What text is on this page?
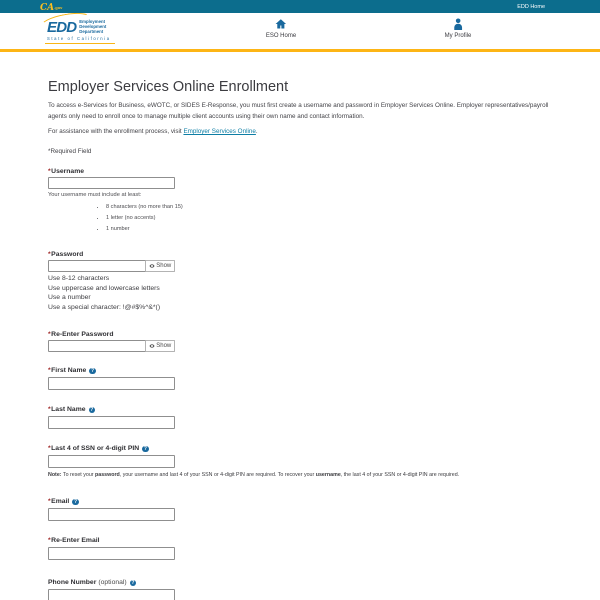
CA.gov	EDD Home
EDD Employment
Development
Department
State of California	ESO Home	My Profile
Employer Services Online Enrollment

To access e-Services for Business, eWOTC, or SIDES E-Response, you must first create a username and password in Employer Services Online. Employer representatives/payroll agents only need to enroll once to manage multiple client accounts using their own name and contact information.

For assistance with the enrollment process, visit Employer Services Online.

*Required Field
* Username
Your username must include at least:
• 8 characters (no more than 15)
• 1 letter (no accents)
• 1 number
* Password
Show
Use 8-12 characters
Use uppercase and lowercase letters
Use a number
Use a special character: !@#$%^&*()
* Re-Enter Password
Show
* First Name ?
* Last Name ?
* Last 4 of SSN or 4-digit PIN ?
Note: To reset your password, your username and last 4 of your SSN or 4-digit PIN are required. To recover your username, the last 4 of your SSN or 4-digit PIN are required.
* Email ?
* Re-Enter Email
Phone Number (optional) ?
